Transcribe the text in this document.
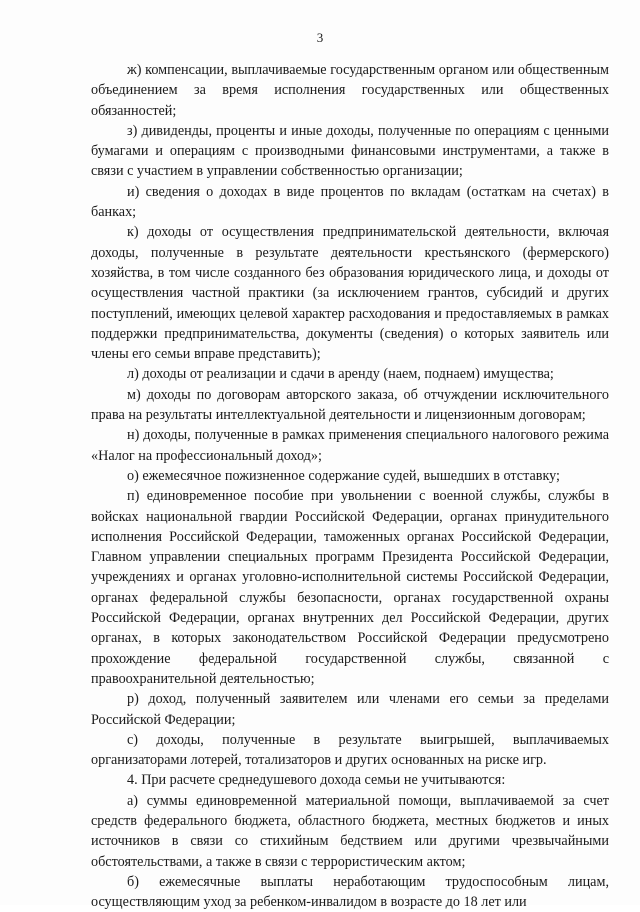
3

ж) компенсации, выплачиваемые государственным органом или общественным объединением за время исполнения государственных или общественных обязанностей;

з) дивиденды, проценты и иные доходы, полученные по операциям с ценными бумагами и операциям с производными финансовыми инструментами, а также в связи с участием в управлении собственностью организации;

и) сведения о доходах в виде процентов по вкладам (остаткам на счетах) в банках;

к) доходы от осуществления предпринимательской деятельности, включая доходы, полученные в результате деятельности крестьянского (фермерского) хозяйства, в том числе созданного без образования юридического лица, и доходы от осуществления частной практики (за исключением грантов, субсидий и других поступлений, имеющих целевой характер расходования и предоставляемых в рамках поддержки предпринимательства, документы (сведения) о которых заявитель или члены его семьи вправе представить);

л) доходы от реализации и сдачи в аренду (наем, поднаем) имущества;

м) доходы по договорам авторского заказа, об отчуждении исключительного права на результаты интеллектуальной деятельности и лицензионным договорам;

н) доходы, полученные в рамках применения специального налогового режима «Налог на профессиональный доход»;

о) ежемесячное пожизненное содержание судей, вышедших в отставку;

п) единовременное пособие при увольнении с военной службы, службы в войсках национальной гвардии Российской Федерации, органах принудительного исполнения Российской Федерации, таможенных органах Российской Федерации, Главном управлении специальных программ Президента Российской Федерации, учреждениях и органах уголовно-исполнительной системы Российской Федерации, органах федеральной службы безопасности, органах государственной охраны Российской Федерации, органах внутренних дел Российской Федерации, других органах, в которых законодательством Российской Федерации предусмотрено прохождение федеральной государственной службы, связанной с правоохранительной деятельностью;

р) доход, полученный заявителем или членами его семьи за пределами Российской Федерации;

с) доходы, полученные в результате выигрышей, выплачиваемых организаторами лотерей, тотализаторов и других основанных на риске игр.

4. При расчете среднедушевого дохода семьи не учитываются:

а) суммы единовременной материальной помощи, выплачиваемой за счет средств федерального бюджета, областного бюджета, местных бюджетов и иных источников в связи со стихийным бедствием или другими чрезвычайными обстоятельствами, а также в связи с террористическим актом;

б) ежемесячные выплаты неработающим трудоспособным лицам, осуществляющим уход за ребенком-инвалидом в возрасте до 18 лет или
